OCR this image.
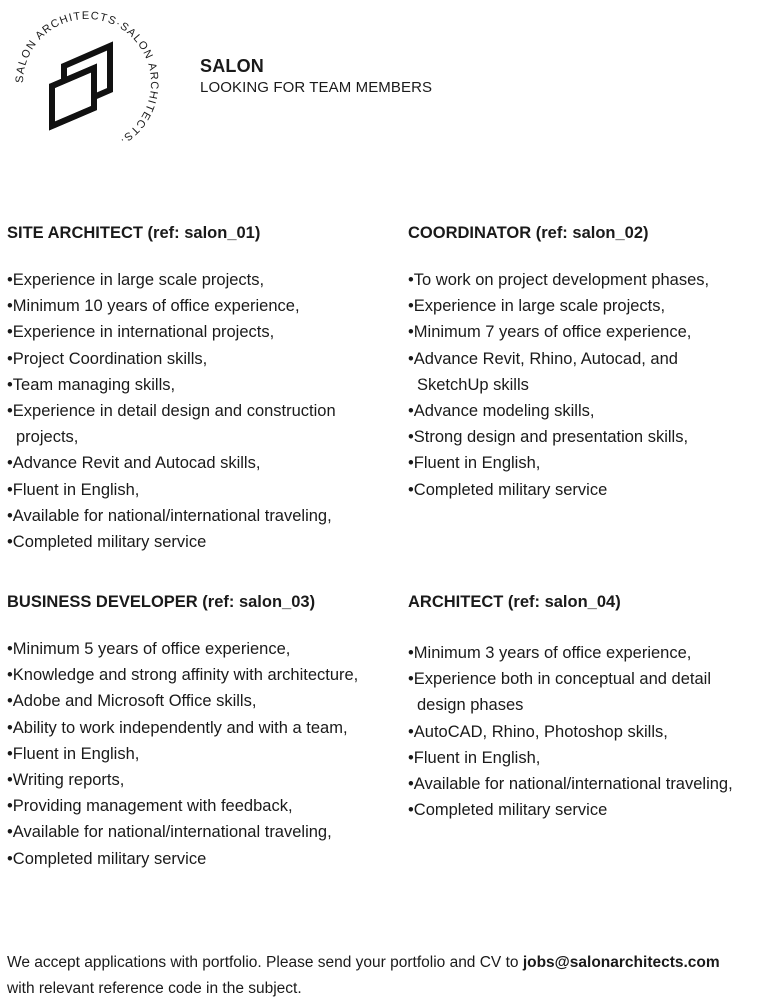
SALON ARCHITECTS·SALON ARCHITECTS·
SALON
LOOKING FOR TEAM MEMBERS
SITE ARCHITECT (ref: salon_01)
• Experience in large scale projects,
• Minimum 10 years of office experience,
• Experience in international projects,
• Project Coordination skills,
• Team managing skills,
• Experience in detail design and construction
projects,
• Advance Revit and Autocad skills,
• Fluent in English,
• Available for national/international traveling,
• Completed military service
COORDINATOR (ref: salon_02)
• To work on project development phases,
• Experience in large scale projects,
• Minimum 7 years of office experience,
• Advance Revit, Rhino, Autocad, and
SketchUp skills
• Advance modeling skills,
• Strong design and presentation skills,
• Fluent in English,
• Completed military service
BUSINESS DEVELOPER (ref: salon_03)
• Minimum 5 years of office experience,
• Knowledge and strong affinity with architecture,
• Adobe and Microsoft Office skills,
• Ability to work independently and with a team,
• Fluent in English,
• Writing reports,
• Providing management with feedback,
• Available for national/international traveling,
• Completed military service
ARCHITECT (ref: salon_04)
• Minimum 3 years of office experience,
• Experience both in conceptual and detail
design phases
• AutoCAD, Rhino, Photoshop skills,
• Fluent in English,
• Available for national/international traveling,
• Completed military service
We accept applications with portfolio. Please send your portfolio and CV to jobs@salonarchitects.com
with relevant reference code in the subject.
